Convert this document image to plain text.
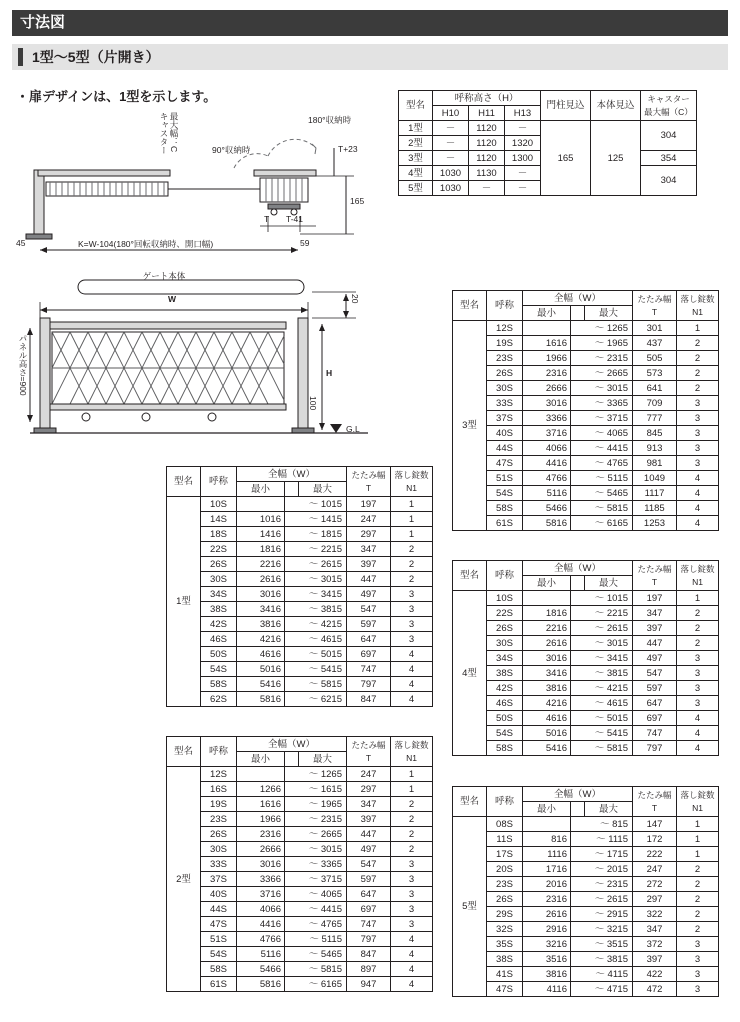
寸法図
1型～5型（片開き）
・扉デザインは、1型を示します。
180°収納時
90°収納時
キャスター 最大幅：C	T+23
165
T T-41
45	59
K=W-104(180°回転収納時、開口幅)
型名	呼称高さ（H）			門柱見込	本体見込	キャスター
最大幅（C）

	H10	H11	H13			
1型	－	1120	－	165	125	304
2型	－	1120	1320			
3型	－	1120	1300			354
4型	1030	1130	－			304
5型	1030	－	－			
ゲート本体
W
パネル高さ=900	H
20
100
G.L
型名	呼称	全幅（W）	たたみ幅
T

落し錠数
N1

		最小		最大		
1型	10S		～ 1015		197	1
	14S	1016	～ 1415		247	1
	18S	1416	～ 1815		297	1
	22S	1816	～ 2215		347	2
	26S	2216	～ 2615		397	2
	30S	2616	～ 3015		447	2
	34S	3016	～ 3415		497	3
	38S	3416	～ 3815		547	3
	42S	3816	～ 4215		597	3
	46S	4216	～ 4615		647	3
	50S	4616	～ 5015		697	4
	54S	5016	～ 5415		747	4
	58S	5416	～ 5815		797	4
	62S	5816	～ 6215		847	4
型名	呼称	全幅（W）	たたみ幅
T

落し錠数
N1

		最小		最大		
2型	12S		～ 1265		247	1
	16S	1266	～ 1615		297	1
	19S	1616	～ 1965		347	2
	23S	1966	～ 2315		397	2
	26S	2316	～ 2665		447	2
	30S	2666	～ 3015		497	2
	33S	3016	～ 3365		547	3
	37S	3366	～ 3715		597	3
	40S	3716	～ 4065		647	3
	44S	4066	～ 4415		697	3
	47S	4416	～ 4765		747	3
	51S	4766	～ 5115		797	4
	54S	5116	～ 5465		847	4
	58S	5466	～ 5815		897	4
	61S	5816	～ 6165		947	4
型名	呼称	全幅（W）	たたみ幅
T

落し錠数
N1

		最小		最大		
3型	12S		～ 1265		301	1
	19S	1616	～ 1965		437	2
	23S	1966	～ 2315		505	2
	26S	2316	～ 2665		573	2
	30S	2666	～ 3015		641	2
	33S	3016	～ 3365		709	3
	37S	3366	～ 3715		777	3
	40S	3716	～ 4065		845	3
	44S	4066	～ 4415		913	3
	47S	4416	～ 4765		981	3
	51S	4766	～ 5115		1049	4
	54S	5116	～ 5465		1117	4
	58S	5466	～ 5815		1185	4
	61S	5816	～ 6165		1253	4
型名	呼称	全幅（W）	たたみ幅
T

落し錠数
N1

		最小		最大		
4型	10S		～ 1015		197	1
	22S	1816	～ 2215		347	2
	26S	2216	～ 2615		397	2
	30S	2616	～ 3015		447	2
	34S	3016	～ 3415		497	3
	38S	3416	～ 3815		547	3
	42S	3816	～ 4215		597	3
	46S	4216	～ 4615		647	3
	50S	4616	～ 5015		697	4
	54S	5016	～ 5415		747	4
	58S	5416	～ 5815		797	4
型名	呼称	全幅（W）	たたみ幅
T

落し錠数
N1

		最小		最大		
5型	08S		～ 815		147	1
	11S	816	～ 1115		172	1
	17S	1116	～ 1715		222	1
	20S	1716	～ 2015		247	2
	23S	2016	～ 2315		272	2
	26S	2316	～ 2615		297	2
	29S	2616	～ 2915		322	2
	32S	2916	～ 3215		347	2
	35S	3216	～ 3515		372	3
	38S	3516	～ 3815		397	3
	41S	3816	～ 4115		422	3
	47S	4116	～ 4715		472	3
